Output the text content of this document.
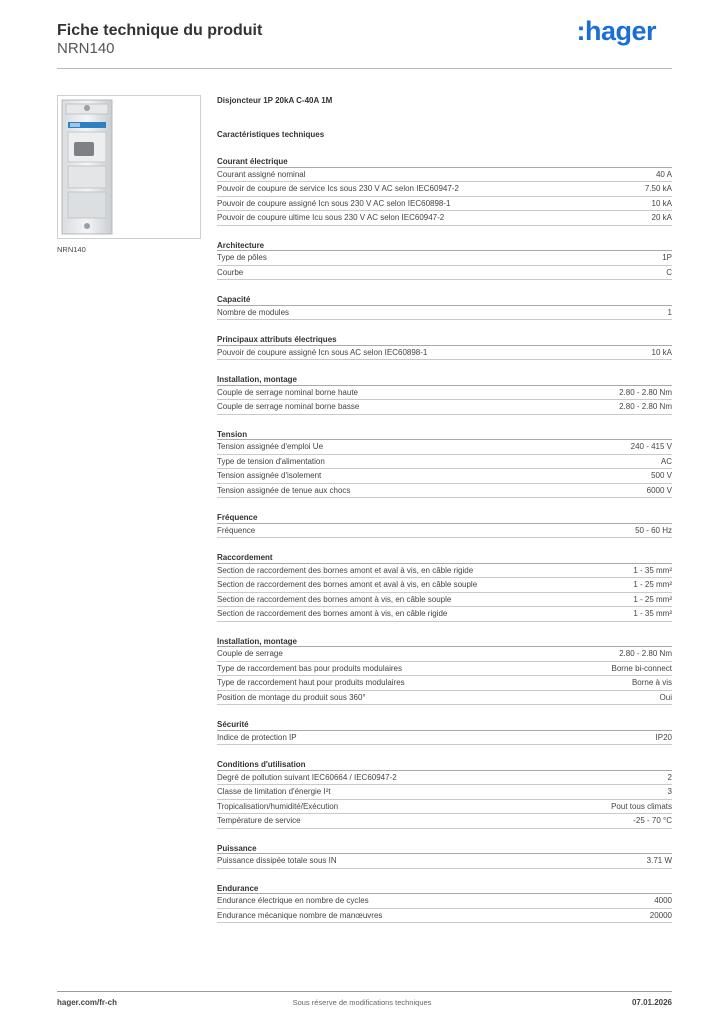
Fiche technique du produit
NRN140
:hager
NRN140
Disjoncteur 1P 20kA C-40A 1M
Caractéristiques techniques
Courant électrique
Courant assigné nominal	40 A
Pouvoir de coupure de service Ics sous 230 V AC selon IEC60947-2	7.50 kA
Pouvoir de coupure assigné Icn sous 230 V AC selon IEC60898-1	10 kA
Pouvoir de coupure ultime Icu sous 230 V AC selon IEC60947-2	20 kA
Architecture
Type de pôles	1P
Courbe	C
Capacité
Nombre de modules	1
Principaux attributs électriques
Pouvoir de coupure assigné Icn sous AC selon IEC60898-1	10 kA
Installation, montage
Couple de serrage nominal borne haute	2.80 - 2.80 Nm
Couple de serrage nominal borne basse	2.80 - 2.80 Nm
Tension
Tension assignée d'emploi Ue	240 - 415 V
Type de tension d'alimentation	AC
Tension assignée d'isolement	500 V
Tension assignée de tenue aux chocs	6000 V
Fréquence
Fréquence	50 - 60 Hz
Raccordement
Section de raccordement des bornes amont et aval à vis, en câble rigide	1 - 35 mm²
Section de raccordement des bornes amont et aval à vis, en câble souple	1 - 25 mm²
Section de raccordement des bornes amont à vis, en câble souple	1 - 25 mm²
Section de raccordement des bornes amont à vis, en câble rigide	1 - 35 mm²
Installation, montage
Couple de serrage	2.80 - 2.80 Nm
Type de raccordement bas pour produits modulaires	Borne bi-connect
Type de raccordement haut pour produits modulaires	Borne à vis
Position de montage du produit sous 360°	Oui
Sécurité
Indice de protection IP	IP20
Conditions d'utilisation
Degré de pollution suivant IEC60664 / IEC60947-2	2
Classe de limitation d'énergie I²t	3
Tropicalisation/humidité/Exécution	Pout tous climats
Température de service	-25 - 70 °C
Puissance
Puissance dissipée totale sous IN	3.71 W
Endurance
Endurance électrique en nombre de cycles	4000
Endurance mécanique nombre de manœuvres	20000
hager.com/fr-ch	Sous réserve de modifications techniques	07.01.2026
